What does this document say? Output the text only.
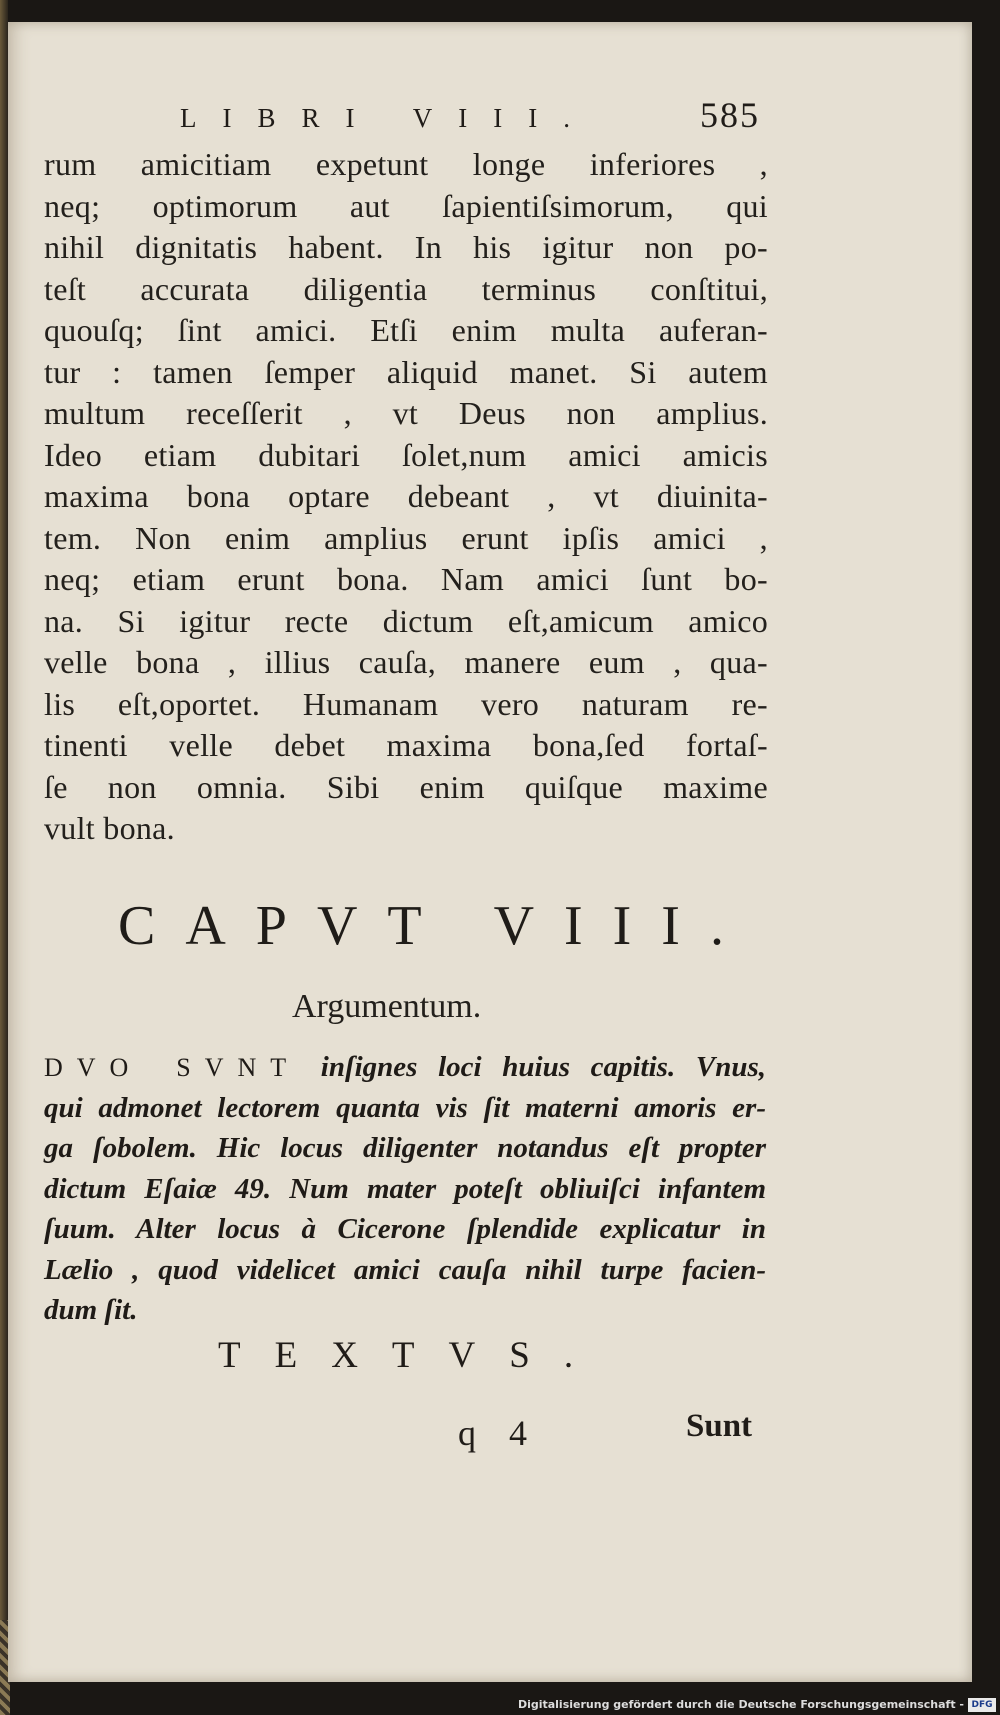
LIBRI VIII.	585
rum amicitiam expetunt longe inferiores ,
neq; optimorum aut ſapientiſsimorum, qui
nihil dignitatis habent. In his igitur non po-
teſt accurata diligentia terminus conſtitui,
quouſq; ſint amici. Etſi enim multa auferan-
tur : tamen ſemper aliquid manet. Si autem
multum receſſerit , vt Deus non amplius.
Ideo etiam dubitari ſolet,num amici amicis
maxima bona optare debeant , vt diuinita-
tem. Non enim amplius erunt ipſis amici ,
neq; etiam erunt bona. Nam amici ſunt bo-
na. Si igitur recte dictum eſt,amicum amico
velle bona , illius cauſa, manere eum , qua-
lis eſt,oportet. Humanam vero naturam re-
tinenti velle debet maxima bona,ſed fortaſ-
ſe non omnia. Sibi enim quiſque maxime
vult bona.
CAPVT VIII.
Argumentum.
DVO SVNT inſignes loci huius capitis. Vnus,
qui admonet lectorem quanta vis ſit materni amoris er-
ga ſobolem. Hic locus diligenter notandus eſt propter
dictum Eſaiæ 49. Num mater poteſt obliuiſci infantem
ſuum. Alter locus à Cicerone ſplendide explicatur in
Lælio , quod videlicet amici cauſa nihil turpe facien-
dum ſit.
TEXTVS.
q 4	Sunt
Digitalisierung gefördert durch die Deutsche Forschungsgemeinschaft - DFG
